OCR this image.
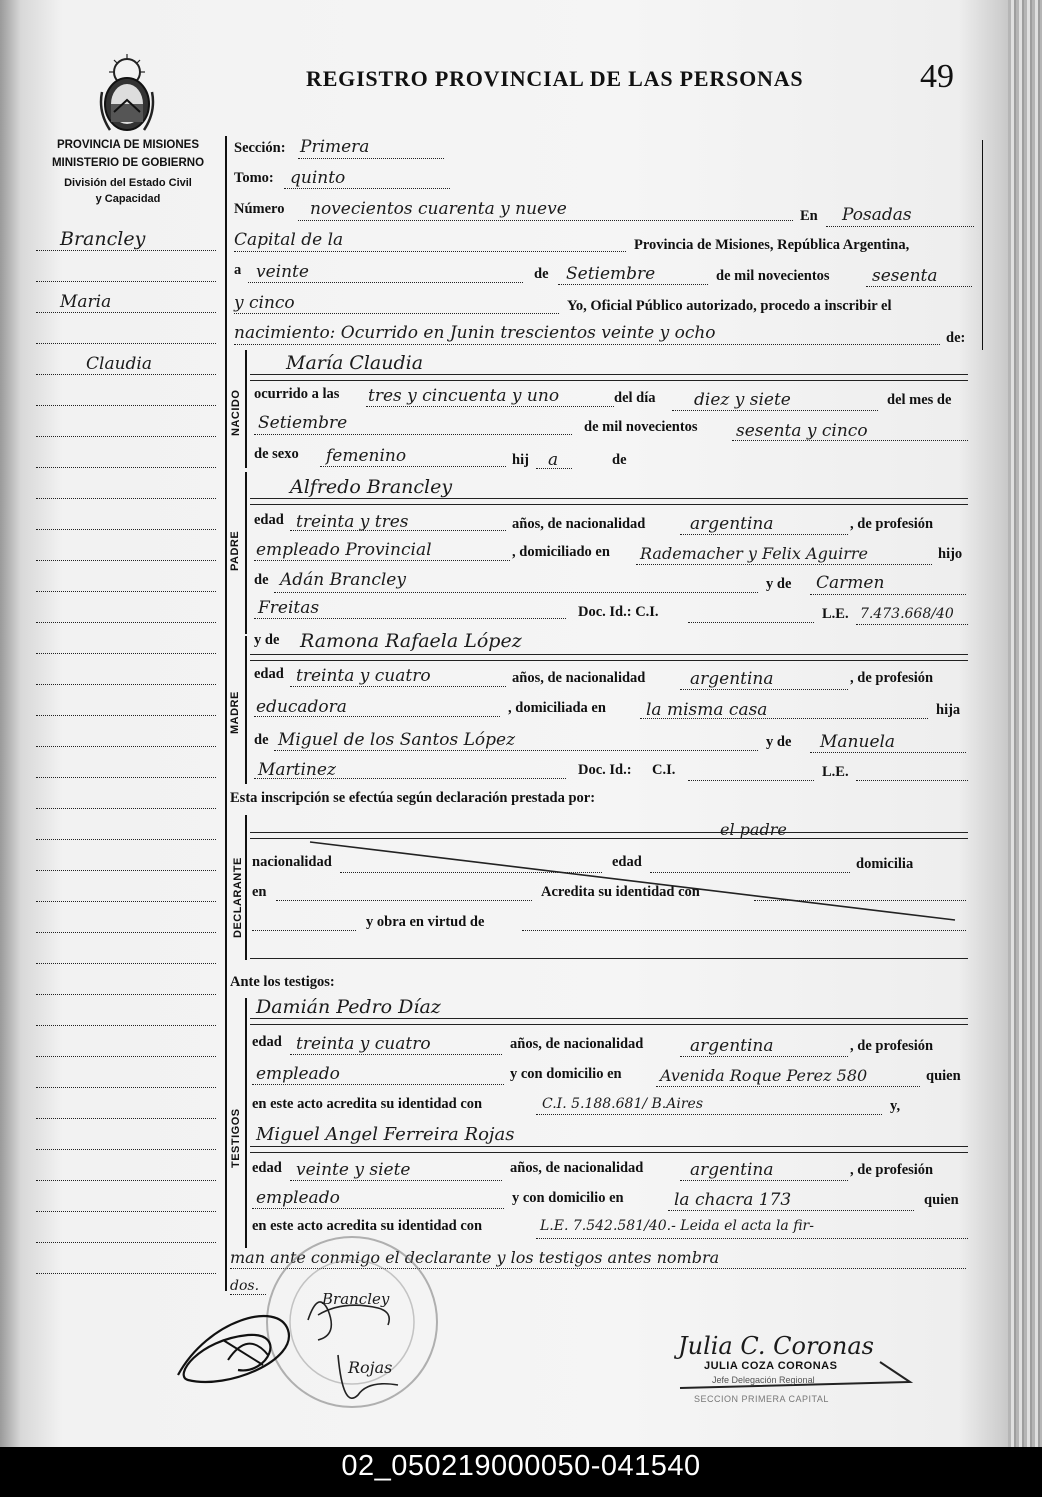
REGISTRO PROVINCIAL DE LAS PERSONAS	49
PROVINCIA DE MISIONES
MINISTERIO DE GOBIERNO
División del Estado Civil
y Capacidad
Brancley
Maria
Claudia
NACIDO
PADRE
MADRE
DECLARANTE
TESTIGOS
Sección: Primera
Tomo: quinto
Número novecientos cuarenta y nueve	En Posadas
Capital de la	Provincia de Misiones, República Argentina,
a veinte	de Setiembre	de mil novecientos sesenta
y cinco	Yo, Oficial Público autorizado, procedo a inscribir el
nacimiento: Ocurrido en Junin trescientos veinte y ocho	de:
María Claudia
ocurrido a las tres y cincuenta y uno	del día diez y siete	del mes de
Setiembre	de mil novecientos sesenta y cinco
de sexo femenino	hij a	de
Alfredo Brancley
edad treinta y tres	años, de nacionalidad	argentina	, de profesión
empleado Provincial	, domiciliado en Rademacher y Felix Aguirre	hijo
de Adán Brancley	y de Carmen
Freitas	Doc. Id.: C.I.	L.E. 7.473.668/40
y de Ramona Rafaela López
edad treinta y cuatro	años, de nacionalidad	argentina	, de profesión
educadora	, domiciliada en la misma casa	hija
de Miguel de los Santos López	y de Manuela
Martinez	Doc. Id.: C.I.	L.E.
Esta inscripción se efectúa según declaración prestada por:
el padre
nacionalidad	edad	domicilia
en	Acredita su identidad con
y obra en virtud de
Ante los testigos:
Damián Pedro Díaz
edad treinta y cuatro	años, de nacionalidad	argentina	, de profesión
empleado	y con domicilio en Avenida Roque Perez 580	quien
en este acto acredita su identidad con	C.I. 5.188.681/ B.Aires	y,
Miguel Angel Ferreira Rojas
edad veinte y siete	años, de nacionalidad	argentina	, de profesión
empleado	y con domicilio en	la chacra 173	quien
en este acto acredita su identidad con	L.E. 7.542.581/40.- Leida el acta la fir-
man ante conmigo el declarante y los testigos antes nombra
dos.
Brancley
Rojas
Julia C. Coronas
JULIA COZA CORONAS
Jefe Delegación Regional
SECCION PRIMERA CAPITAL
02_050219000050-041540
